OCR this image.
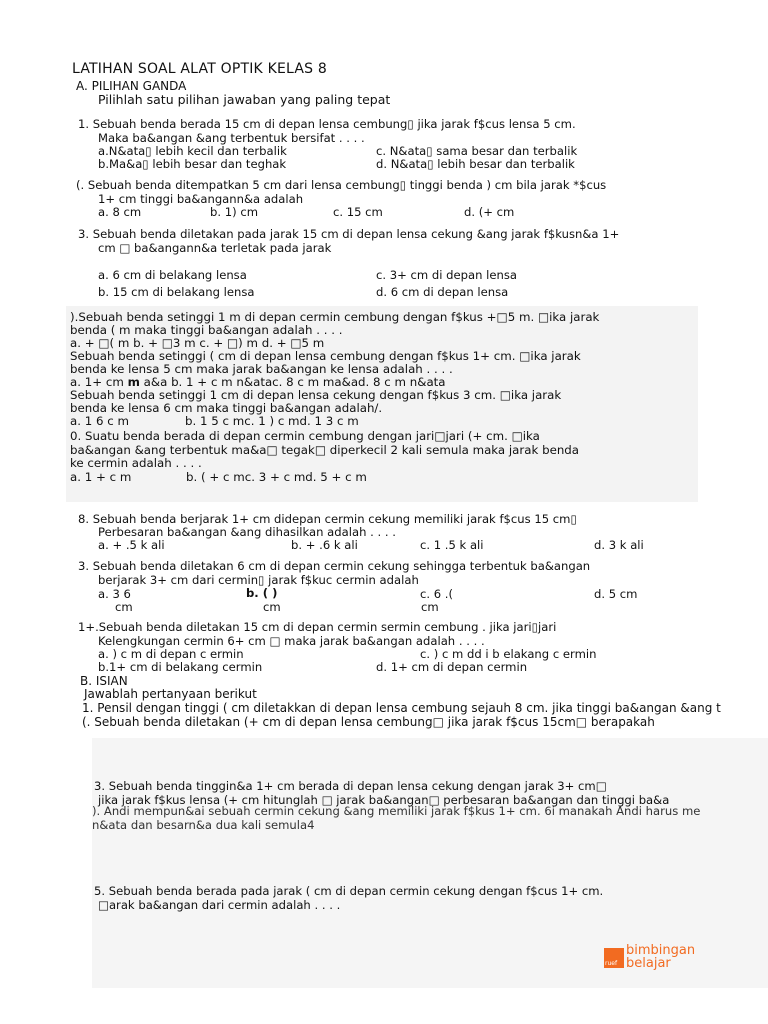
LATIHAN SOAL ALAT OPTIK KELAS 8
A. PILIHAN GANDA
Pilihlah satu pilihan jawaban yang paling tepat
1. Sebuah benda berada 15 cm di depan lensa cembung▯ jika jarak f$cus lensa 5 cm.
Maka ba&angan &ang terbentuk bersifat . . . .
a.N&ata▯ lebih kecil dan terbalik	c. N&ata▯ sama besar dan terbalik
b.Ma&a▯ lebih besar dan teghak	d. N&ata▯ lebih besar dan terbalik
(. Sebuah benda ditempatkan 5 cm dari lensa cembung▯ tinggi benda ) cm bila jarak *$cus
1+ cm tinggi ba&angann&a adalah
a. 8 cm	b. 1) cm	c. 15 cm	d. (+ cm
3. Sebuah benda diletakan pada jarak 15 cm di depan lensa cekung &ang jarak f$kusn&a 1+
cm □ ba&angann&a terletak pada jarak
a. 6 cm di belakang lensa	c. 3+ cm di depan lensa
b. 15 cm di belakang lensa	d. 6 cm di depan lensa
).Sebuah benda setinggi 1 m di depan cermin cembung dengan f$kus +□5 m. □ika jarak
benda ( m maka tinggi ba&angan adalah . . . .
a. + □( m b. + □3 m c. + □) m d. + □5 m
Sebuah benda setinggi ( cm di depan lensa cembung dengan f$kus 1+ cm. □ika jarak
benda ke lensa 5 cm maka jarak ba&angan ke lensa adalah . . . .
a. 1+ cm m a&a b. 1 + c m n&atac. 8 c m ma&ad. 8 c m n&ata
Sebuah benda setinggi 1 cm di depan lensa cekung dengan f$kus 3 cm. □ika jarak
benda ke lensa 6 cm maka tinggi ba&angan adalah/.
a. 1 6 c m	b. 1 5 c mc. 1 ) c md. 1 3 c m
0. Suatu benda berada di depan cermin cembung dengan jari□jari (+ cm. □ika
ba&angan &ang terbentuk ma&a□ tegak□ diperkecil 2 kali semula maka jarak benda
ke cermin adalah . . . .
a. 1 + c m	b. ( + c mc. 3 + c md. 5 + c m
8. Sebuah benda berjarak 1+ cm didepan cermin cekung memiliki jarak f$cus 15 cm▯
Perbesaran ba&angan &ang dihasilkan adalah . . . .
a. + .5 k ali	b. + .6 k ali	c. 1 .5 k ali	d. 3 k ali
3. Sebuah benda diletakan 6 cm di depan cermin cekung sehingga terbentuk ba&angan
berjarak 3+ cm dari cermin▯ jarak f$kuc cermin adalah
a. 3 6	b. ( )	c. 6 .(	d. 5 cm
cm	cm	cm
1+.Sebuah benda diletakan 15 cm di depan cermin sermin cembung . jika jari▯jari
Kelengkungan cermin 6+ cm □ maka jarak ba&angan adalah . . . .
a. ) c m di depan c ermin	c. ) c m dd i b elakang c ermin
b.1+ cm di belakang cermin	d. 1+ cm di depan cermin
B. ISIAN
Jawablah pertanyaan berikut
1. Pensil dengan tinggi ( cm diletakkan di depan lensa cembung sejauh 8 cm. jika tinggi ba&angan &ang t
(. Sebuah benda diletakan (+ cm di depan lensa cembung□ jika jarak f$cus 15cm□ berapakah
3. Sebuah benda tinggin&a 1+ cm berada di depan lensa cekung dengan jarak 3+ cm□
jika jarak f$kus lensa (+ cm hitunglah □ jarak ba&angan□ perbesaran ba&angan dan tinggi ba&a
). Andi mempun&ai sebuah cermin cekung &ang memiliki jarak f$kus 1+ cm. 6i manakah Andi harus me
n&ata dan besarn&a dua kali semula4
5. Sebuah benda berada pada jarak ( cm di depan cermin cekung dengan f$cus 1+ cm.
□arak ba&angan dari cermin adalah . . . .
ruef
bimbingan
belajar
